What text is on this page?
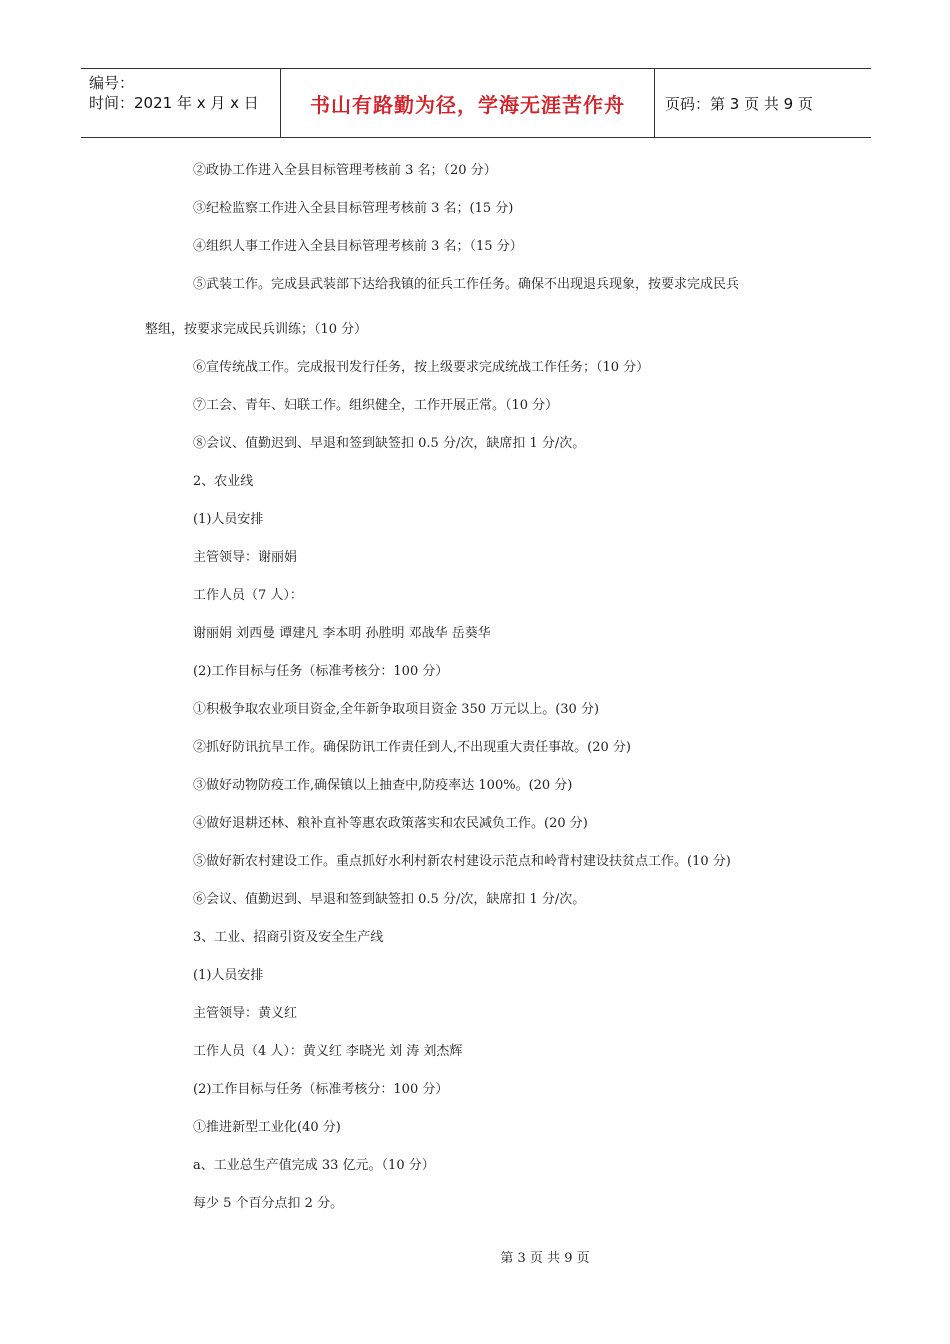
编号：
时间：2021 年 x 月 x 日	书山有路勤为径，学海无涯苦作舟	页码：第 3 页 共 9 页
②政协工作进入全县目标管理考核前 3 名；（20 分）
③纪检监察工作进入全县目标管理考核前 3 名；(15 分)
④组织人事工作进入全县目标管理考核前 3 名；（15 分）
⑤武装工作。完成县武装部下达给我镇的征兵工作任务。确保不出现退兵现象，按要求完成民兵
整组，按要求完成民兵训练；（10 分）
⑥宣传统战工作。完成报刊发行任务，按上级要求完成统战工作任务；（10 分）
⑦工会、青年、妇联工作。组织健全，工作开展正常。（10 分）
⑧会议、值勤迟到、早退和签到缺签扣 0.5 分/次，缺席扣 1 分/次。
2、农业线
(1)人员安排
主管领导：谢丽娟
工作人员（7 人）：
谢丽娟 刘西曼 谭建凡 李本明 孙胜明 邓战华 岳葵华
(2)工作目标与任务（标准考核分：100 分）
①积极争取农业项目资金,全年新争取项目资金 350 万元以上。(30 分)
②抓好防讯抗旱工作。确保防讯工作责任到人,不出现重大责任事故。(20 分)
③做好动物防疫工作,确保镇以上抽查中,防疫率达 100%。(20 分)
④做好退耕还林、粮补直补等惠农政策落实和农民减负工作。(20 分)
⑤做好新农村建设工作。重点抓好水利村新农村建设示范点和岭背村建设扶贫点工作。(10 分)
⑥会议、值勤迟到、早退和签到缺签扣 0.5 分/次，缺席扣 1 分/次。
3、工业、招商引资及安全生产线
(1)人员安排
主管领导：黄义红
工作人员（4 人）：黄义红 李晓光 刘 涛 刘杰辉
(2)工作目标与任务（标准考核分：100 分）
①推进新型工业化(40 分)
a、工业总生产值完成 33 亿元。（10 分）
每少 5 个百分点扣 2 分。
第 3 页 共 9 页
